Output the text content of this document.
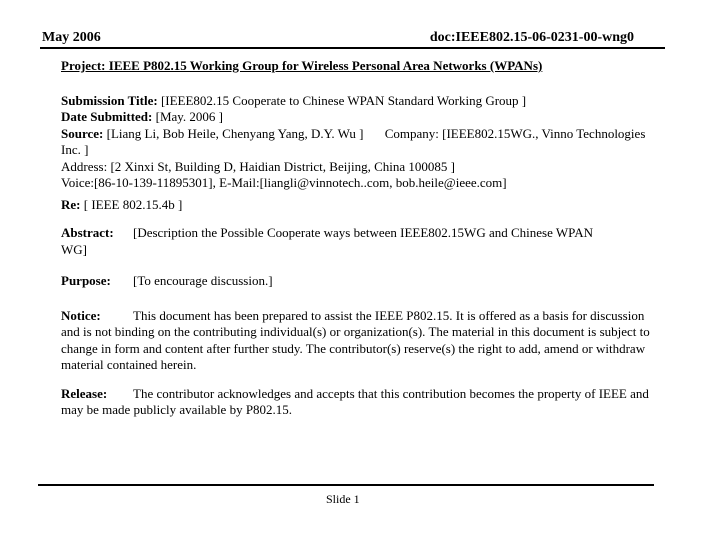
May 2006	doc:IEEE802.15-06-0231-00-wng0
Project: IEEE P802.15 Working Group for Wireless Personal Area Networks (WPANs)
Submission Title: [IEEE802.15 Cooperate to Chinese WPAN Standard Working Group ]
Date Submitted: [May. 2006 ]
Source: [Liang Li, Bob Heile, Chenyang Yang, D.Y. Wu ] Company: [IEEE802.15WG., Vinno Technologies Inc. ]
Address: [2 Xinxi St, Building D, Haidian District, Beijing, China 100085 ]
Voice:[86-10-139-11895301], E-Mail:[liangli@vinnotech..com, bob.heile@ieee.com]
Re: [ IEEE 802.15.4b ]
Abstract:	[Description the Possible Cooperate ways between IEEE802.15WG and Chinese WPAN
WG]
Purpose:	[To encourage discussion.]
Notice: This document has been prepared to assist the IEEE P802.15. It is offered as a basis for discussion and is not binding on the contributing individual(s) or organization(s). The material in this document is subject to change in form and content after further study. The contributor(s) reserve(s) the right to add, amend or withdraw material contained herein.
Release: The contributor acknowledges and accepts that this contribution becomes the property of IEEE and may be made publicly available by P802.15.
Slide 1
